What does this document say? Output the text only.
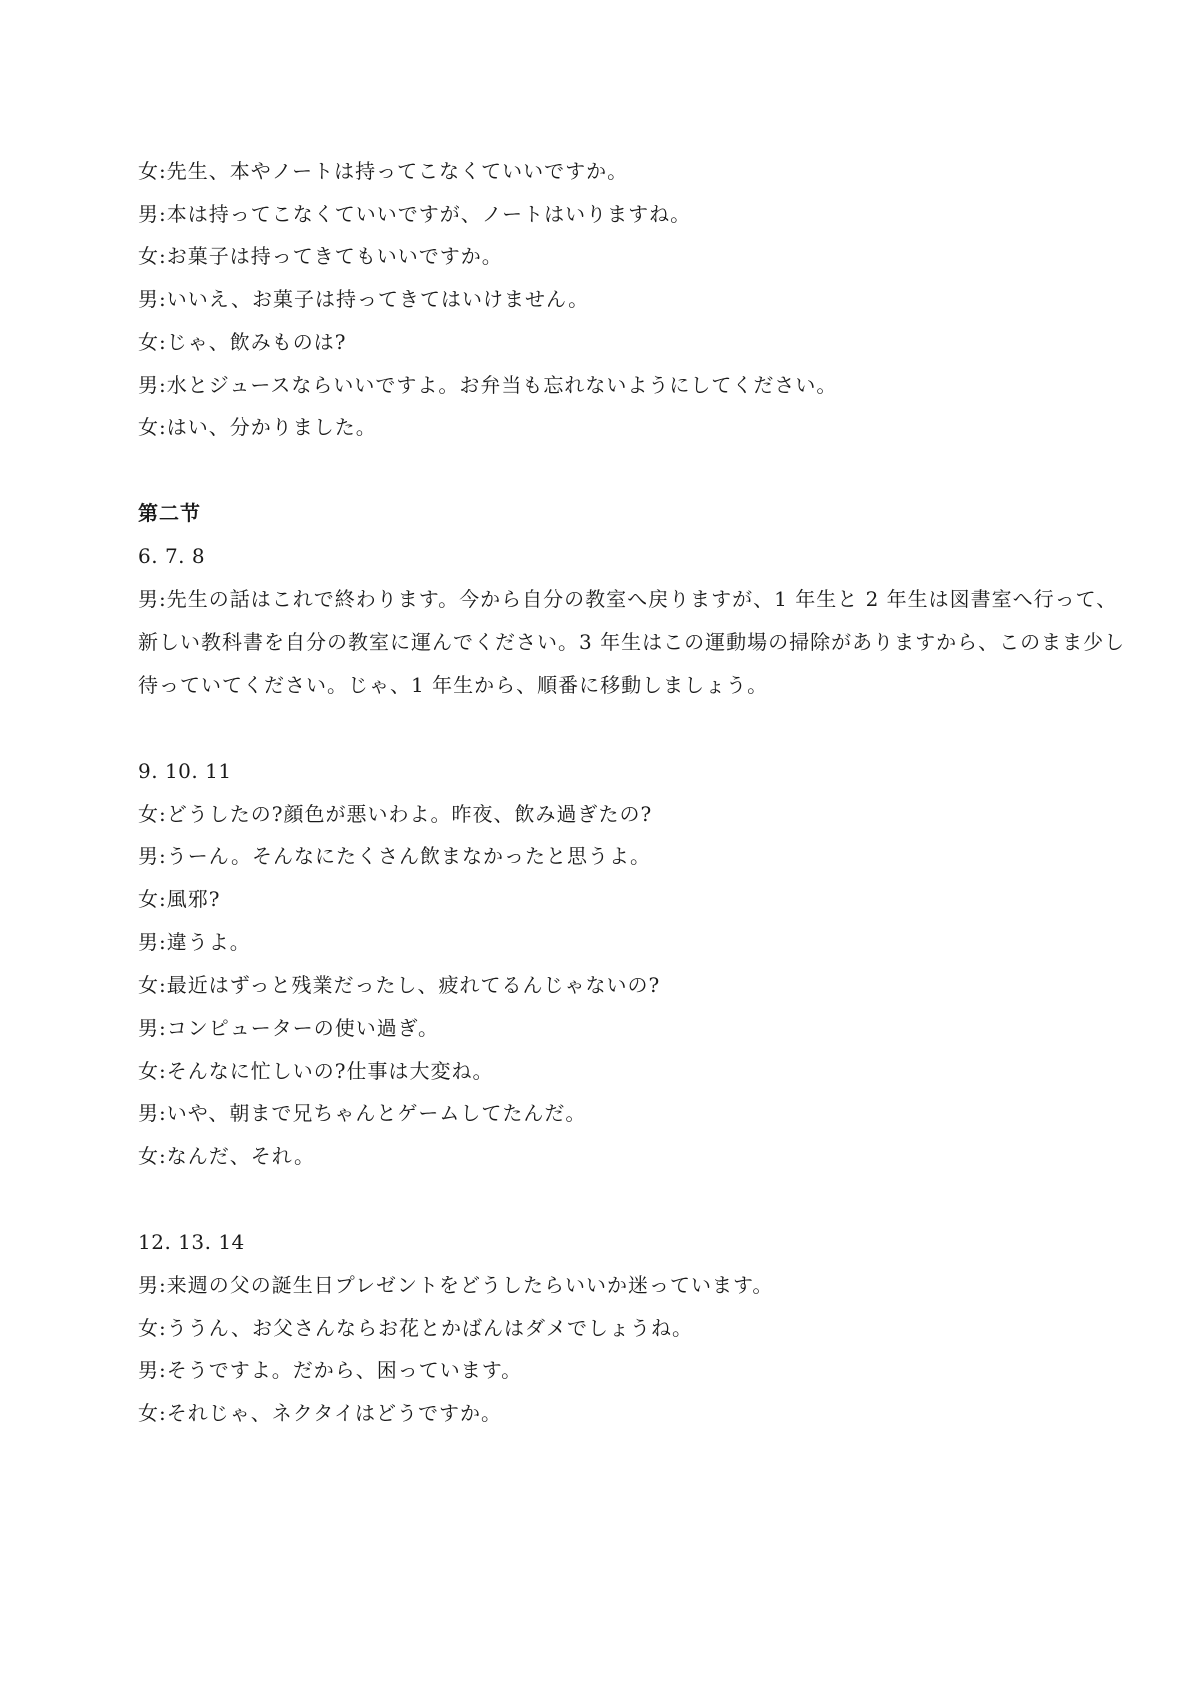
女:先生、本やノートは持ってこなくていいですか。
男:本は持ってこなくていいですが、ノートはいりますね。
女:お菓子は持ってきてもいいですか。
男:いいえ、お菓子は持ってきてはいけません。
女:じゃ、飲みものは?
男:水とジュースならいいですよ。お弁当も忘れないようにしてください。
女:はい、分かりました。
第二节
6. 7. 8
男:先生の話はこれで終わります。今から自分の教室へ戻りますが、1 年生と 2 年生は図書室へ行って、
新しい教科書を自分の教室に運んでください。3 年生はこの運動場の掃除がありますから、このまま少し
待っていてください。じゃ、1 年生から、順番に移動しましょう。
9. 10. 11
女:どうしたの?顔色が悪いわよ。昨夜、飲み過ぎたの?
男:うーん。そんなにたくさん飲まなかったと思うよ。
女:風邪?
男:違うよ。
女:最近はずっと残業だったし、疲れてるんじゃないの?
男:コンピューターの使い過ぎ。
女:そんなに忙しいの?仕事は大変ね。
男:いや、朝まで兄ちゃんとゲームしてたんだ。
女:なんだ、それ。
12. 13. 14
男:来週の父の誕生日プレゼントをどうしたらいいか迷っています。
女:ううん、お父さんならお花とかばんはダメでしょうね。
男:そうですよ。だから、困っています。
女:それじゃ、ネクタイはどうですか。
